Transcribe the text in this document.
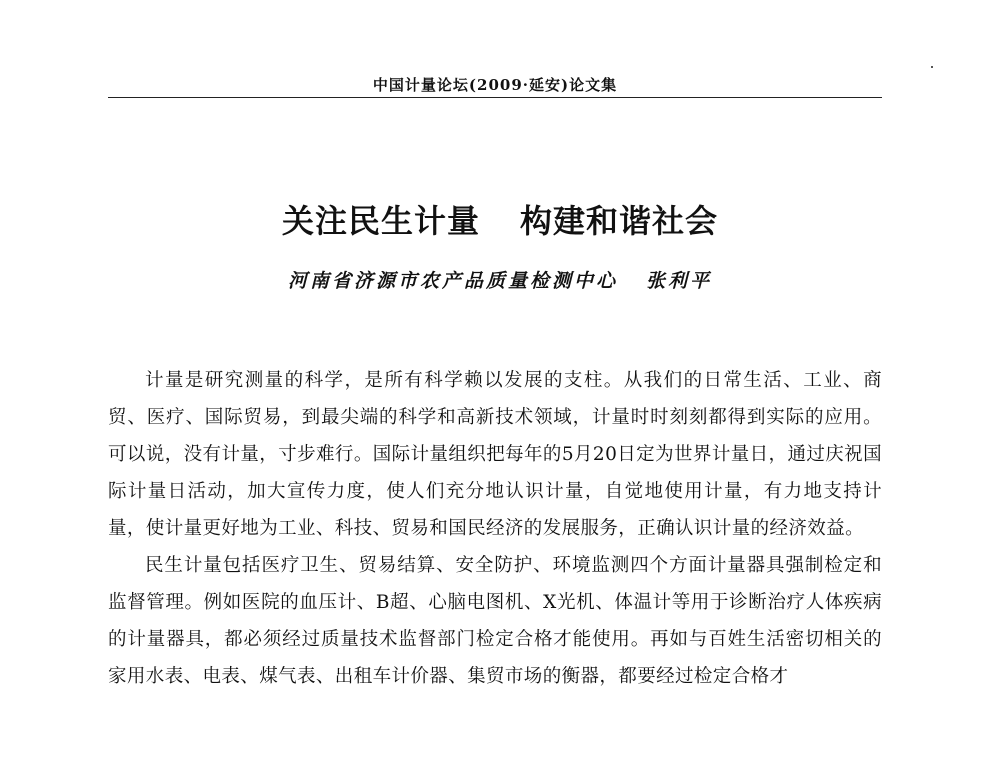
中国计量论坛(2009·延安)论文集
关注民生计量 构建和谐社会
河南省济源市农产品质量检测中心 张利平

计量是研究测量的科学，是所有科学赖以发展的支柱。从我们的日常生活、工业、商贸、医疗、国际贸易，到最尖端的科学和高新技术领域，计量时时刻刻都得到实际的应用。可以说，没有计量，寸步难行。国际计量组织把每年的5月20日定为世界计量日，通过庆祝国际计量日活动，加大宣传力度，使人们充分地认识计量，自觉地使用计量，有力地支持计量，使计量更好地为工业、科技、贸易和国民经济的发展服务，正确认识计量的经济效益。

民生计量包括医疗卫生、贸易结算、安全防护、环境监测四个方面计量器具强制检定和监督管理。例如医院的血压计、B超、心脑电图机、X光机、体温计等用于诊断治疗人体疾病的计量器具，都必须经过质量技术监督部门检定合格才能使用。再如与百姓生活密切相关的家用水表、电表、煤气表、出租车计价器、集贸市场的衡器，都要经过检定合格才
